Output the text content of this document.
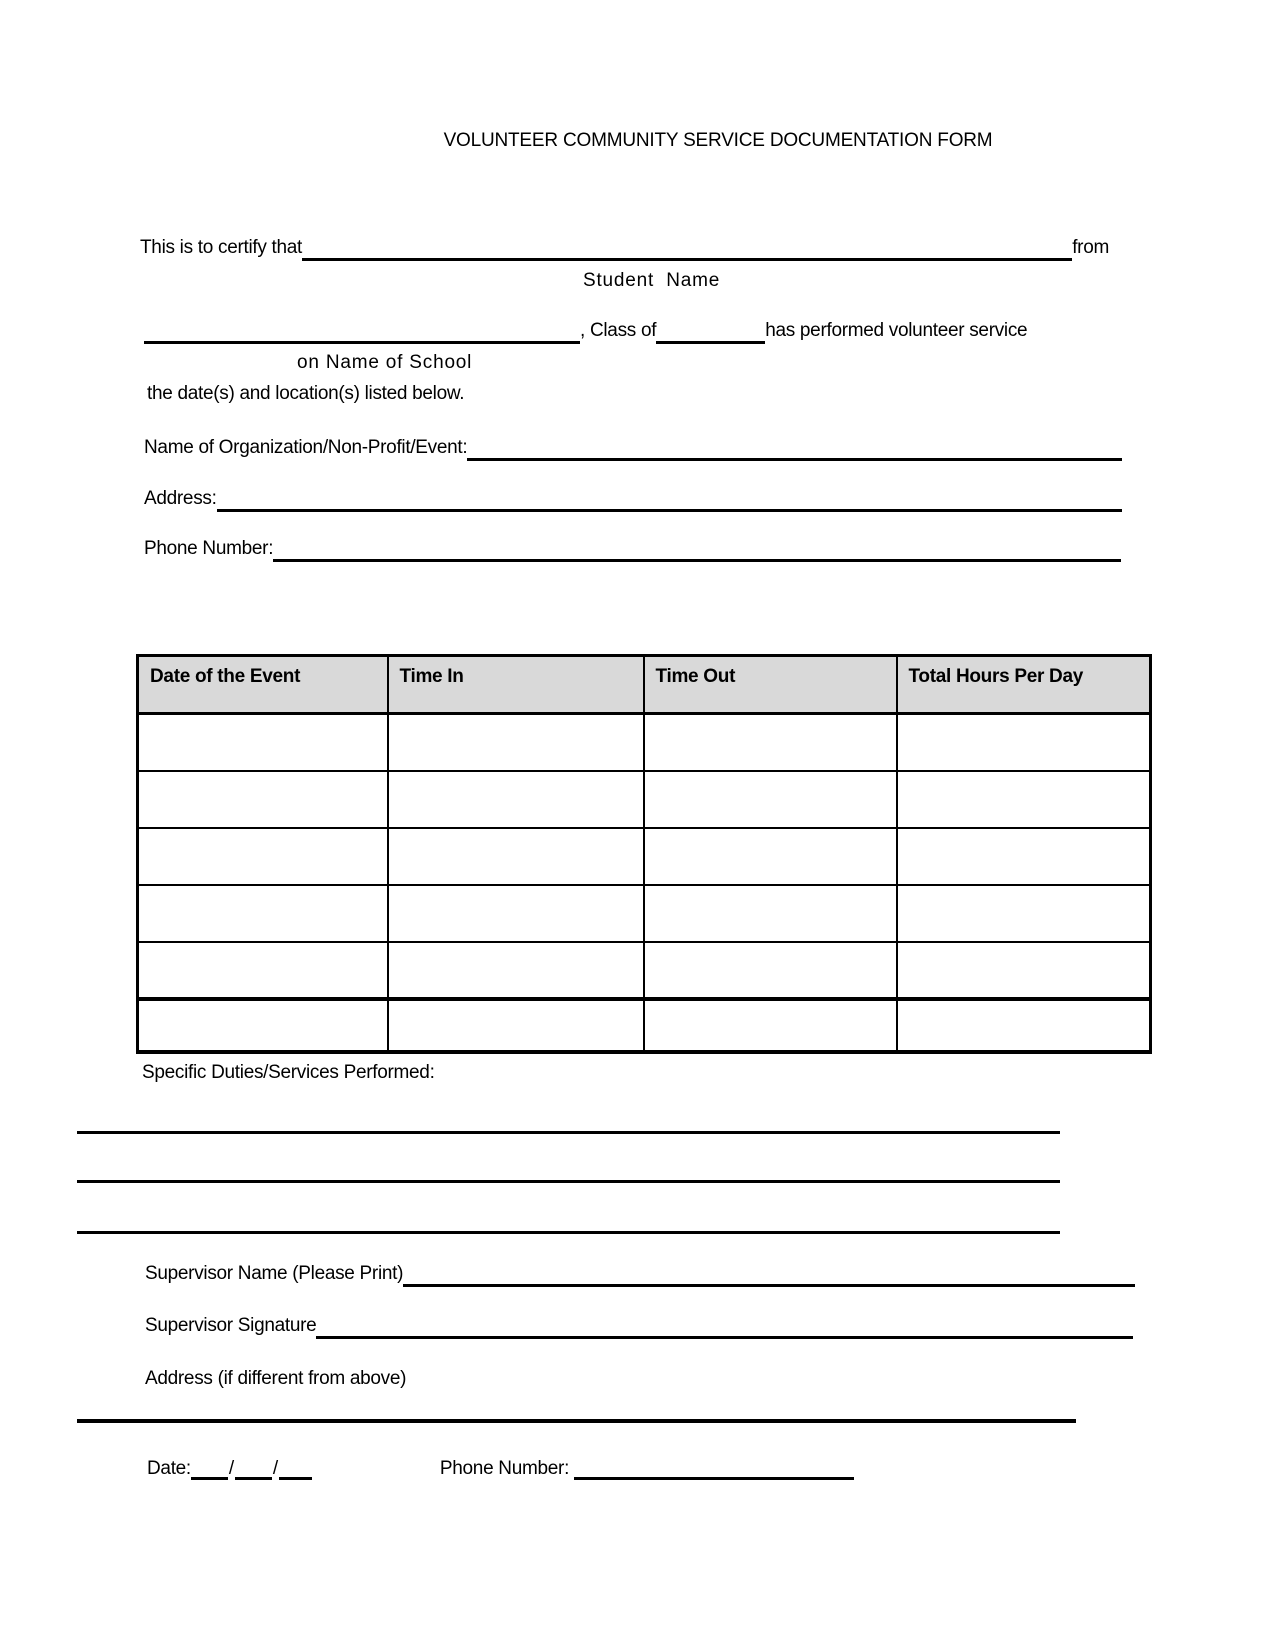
VOLUNTEER COMMUNITY SERVICE DOCUMENTATION FORM
This is to certify that	from
Student  Name
, Class of	has performed volunteer service
on Name of School
the date(s) and location(s) listed below.
Name of Organization/Non-Profit/Event:
Address:
Phone Number:
Date of the Event	Time In	Time Out	Total Hours Per Day

Specific Duties/Services Performed:
Supervisor Name (Please Print)
Supervisor Signature
Address (if different from above)
Date: / /	Phone Number:
